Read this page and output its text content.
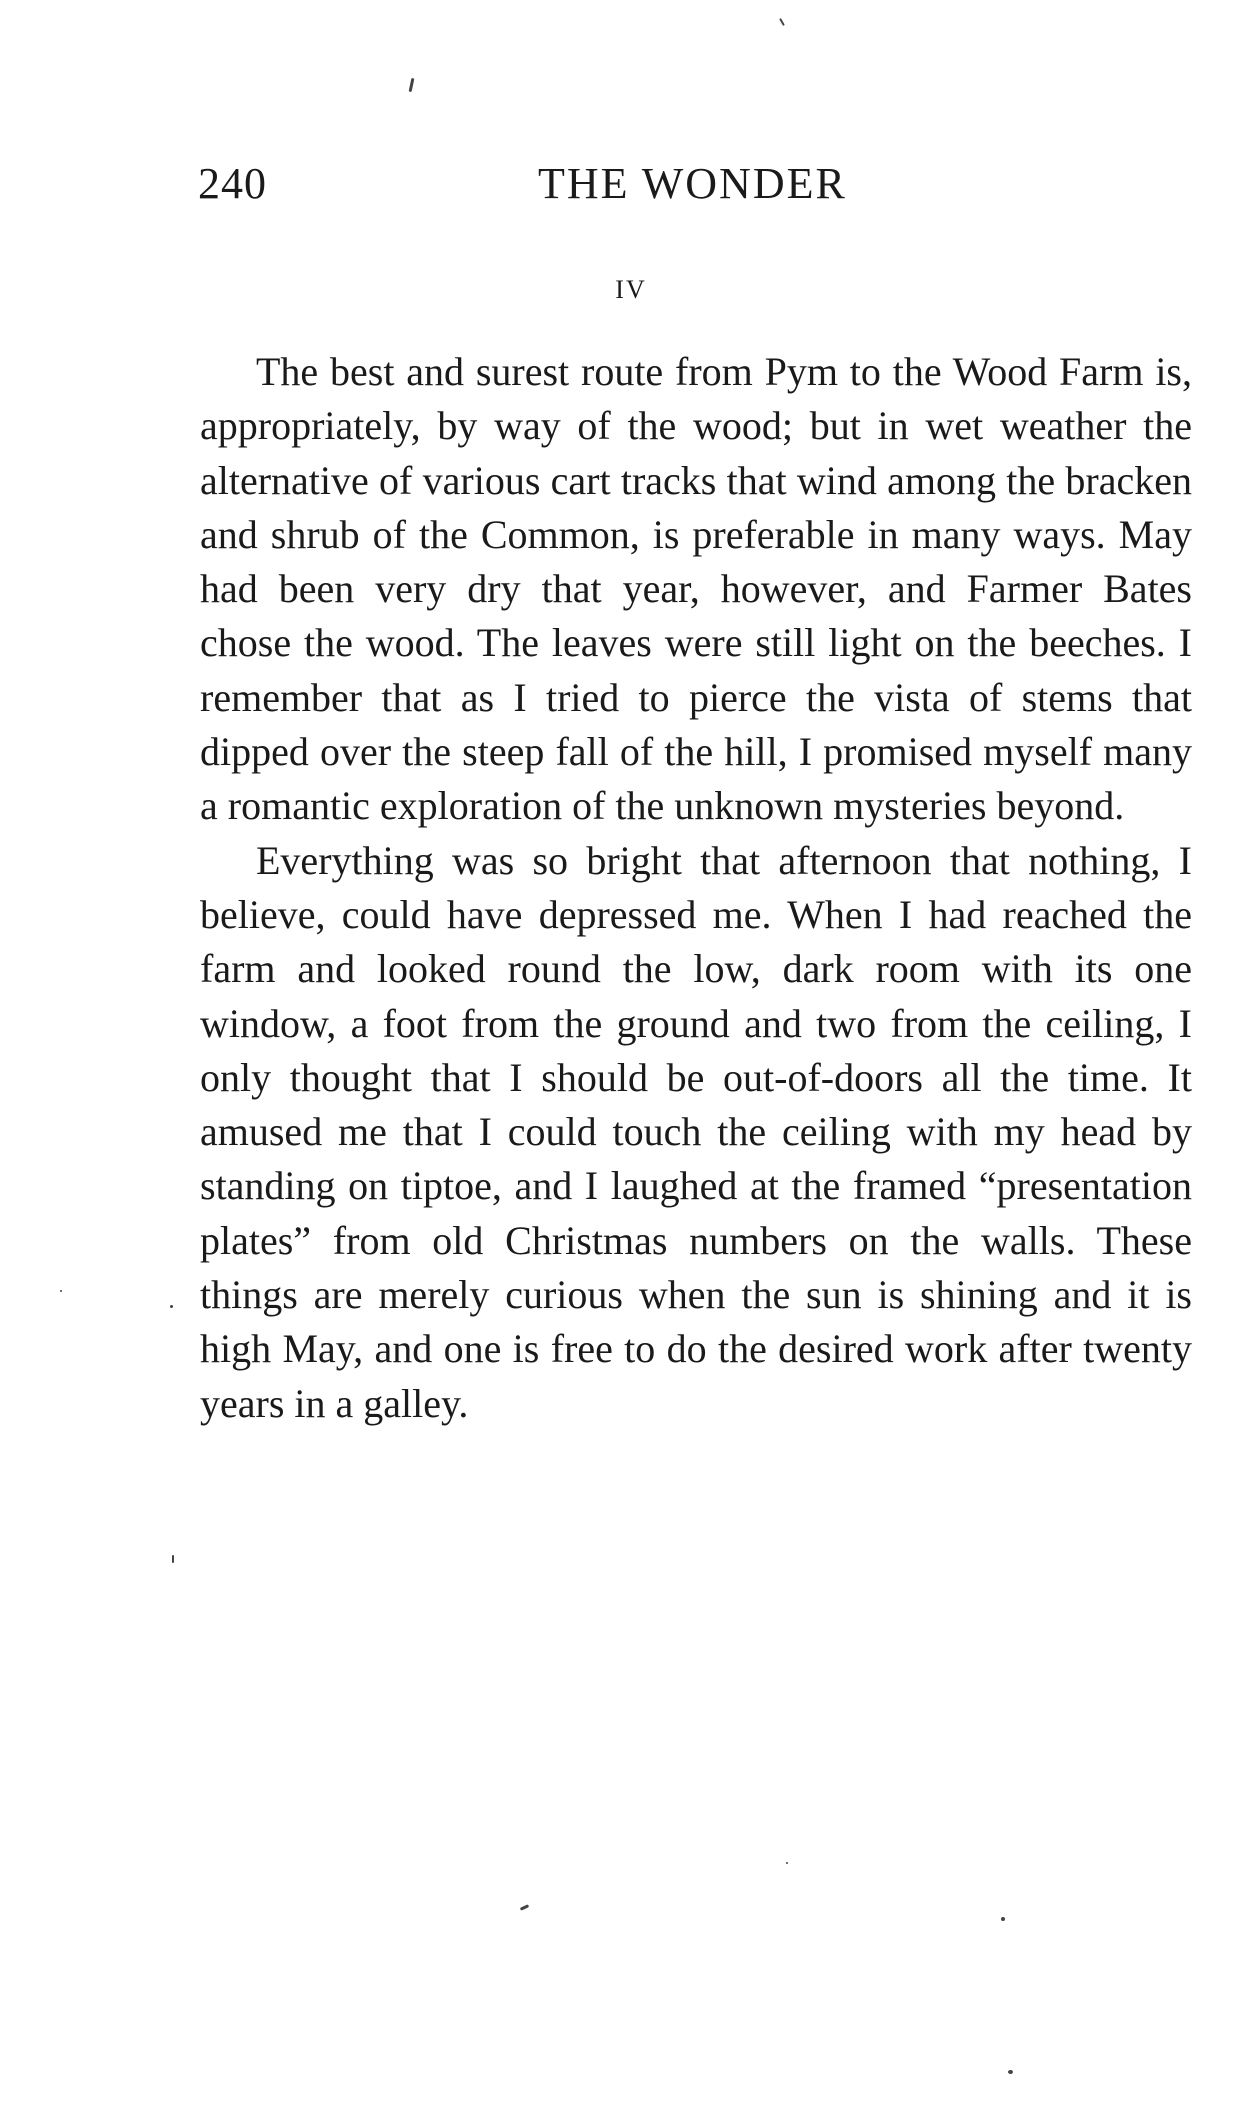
240	THE WONDER
IV

The best and surest route from Pym to the Wood Farm is, appropriately, by way of the wood; but in wet weather the alternative of various cart tracks that wind among the bracken and shrub of the Common, is preferable in many ways. May had been very dry that year, however, and Farmer Bates chose the wood. The leaves were still light on the beeches. I remember that as I tried to pierce the vista of stems that dipped over the steep fall of the hill, I promised myself many a romantic exploration of the unknown mysteries beyond.

Everything was so bright that afternoon that nothing, I believe, could have depressed me. When I had reached the farm and looked round the low, dark room with its one window, a foot from the ground and two from the ceiling, I only thought that I should be out-of-doors all the time. It amused me that I could touch the ceiling with my head by standing on tiptoe, and I laughed at the framed “presentation plates” from old Christmas numbers on the walls. These things are merely curious when the sun is shining and it is high May, and one is free to do the desired work after twenty years in a galley.
